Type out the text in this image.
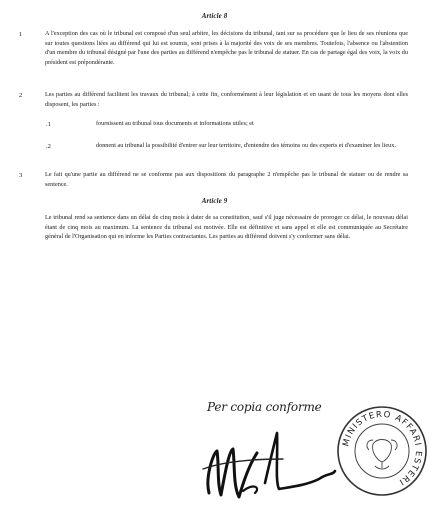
Article 8
1	A l'exception des cas où le tribunal est composé d'un seul arbitre, les décisions du tribunal, tant sur sa procédure que le lieu de ses réunions que sur toutes questions liées au différend qui lui est soumis, sont prises à la majorité des voix de ses membres. Toutefois, l'absence ou l'abstention d'un membre du tribunal désigné par l'une des parties au différend n'empêche pas le tribunal de statuer. En cas de partage égal des voix, la voix du président est prépondérante.
2	Les parties au différend facilitent les travaux du tribunal; à cette fin, conformément à leur législation et en usant de tous les moyens dont elles disposent, les parties :
.1	fournissent au tribunal tous documents et informations utiles; et
.2	donnent au tribunal la possibilité d'entrer sur leur territoire, d'entendre des témoins ou des experts et d'examiner les lieux.
3	Le fait qu'une partie au différend ne se conforme pas aux dispositions du paragraphe 2 n'empêche pas le tribunal de statuer ou de rendre sa sentence.
Article 9
Le tribunal rend sa sentence dans un délai de cinq mois à dater de sa constitution, sauf s'il juge nécessaire de proroger ce délai, le nouveau délai étant de cinq mois au maximum. La sentence du tribunal est motivée. Elle est définitive et sans appel et elle est communiquée au Secrétaire général de l'Organisation qui en informe les Parties contractantes. Les parties au différend doivent s'y conformer sans délai.
Per copia conforme
MINISTERO AFFARI ESTERI
